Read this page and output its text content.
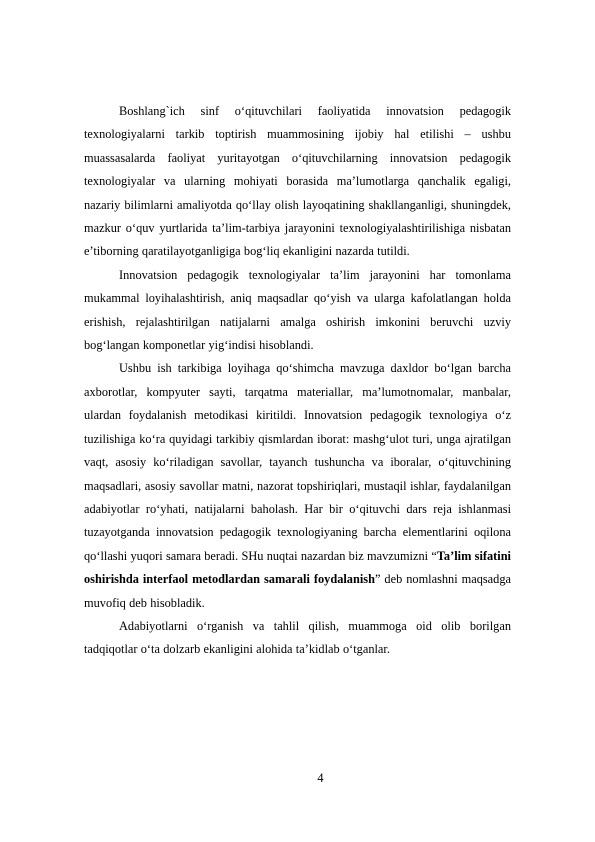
Boshlang`ich sinf o‘qituvchilari faoliyatida innovatsion pedagogik texnologiyalarni tarkib toptirish muammosining ijobiy hal etilishi – ushbu muassasalarda faoliyat yuritayotgan o‘qituvchilarning innovatsion pedagogik texnologiyalar va ularning mohiyati borasida ma’lumotlarga qanchalik egaligi, nazariy bilimlarni amaliyotda qo‘llay olish layoqatining shakllanganligi, shuningdek, mazkur o‘quv yurtlarida ta’lim-tarbiya jarayonini texnologiyalashtirilishiga nisbatan e’tiborning qaratilayotganligiga bog‘liq ekanligini nazarda tutildi.

Innovatsion pedagogik texnologiyalar ta’lim jarayonini har tomonlama mukammal loyihalashtirish, aniq maqsadlar qo‘yish va ularga kafolatlangan holda erishish, rejalashtirilgan natijalarni amalga oshirish imkonini beruvchi uzviy bog‘langan komponetlar yig‘indisi hisoblandi.

Ushbu ish tarkibiga loyihaga qo‘shimcha mavzuga daxldor bo‘lgan barcha axborotlar, kompyuter sayti, tarqatma materiallar, ma’lumotnomalar, manbalar, ulardan foydalanish metodikasi kiritildi. Innovatsion pedagogik texnologiya o‘z tuzilishiga ko‘ra quyidagi tarkibiy qismlardan iborat: mashg‘ulot turi, unga ajratilgan vaqt, asosiy ko‘riladigan savollar, tayanch tushuncha va iboralar, o‘qituvchining maqsadlari, asosiy savollar matni, nazorat topshiriqlari, mustaqil ishlar, faydalanilgan adabiyotlar ro‘yhati, natijalarni baholash. Har bir o‘qituvchi dars reja ishlanmasi tuzayotganda innovatsion pedagogik texnologiyaning barcha elementlarini oqilona qo‘llashi yuqori samara beradi. SHu nuqtai nazardan biz mavzumizni “Ta’lim sifatini oshirishda interfaol metodlardan samarali foydalanish” deb nomlashni maqsadga muvofiq deb hisobladik.

Adabiyotlarni o‘rganish va tahlil qilish, muammoga oid olib borilgan tadqiqotlar o‘ta dolzarb ekanligini alohida ta’kidlab o‘tganlar.

4
